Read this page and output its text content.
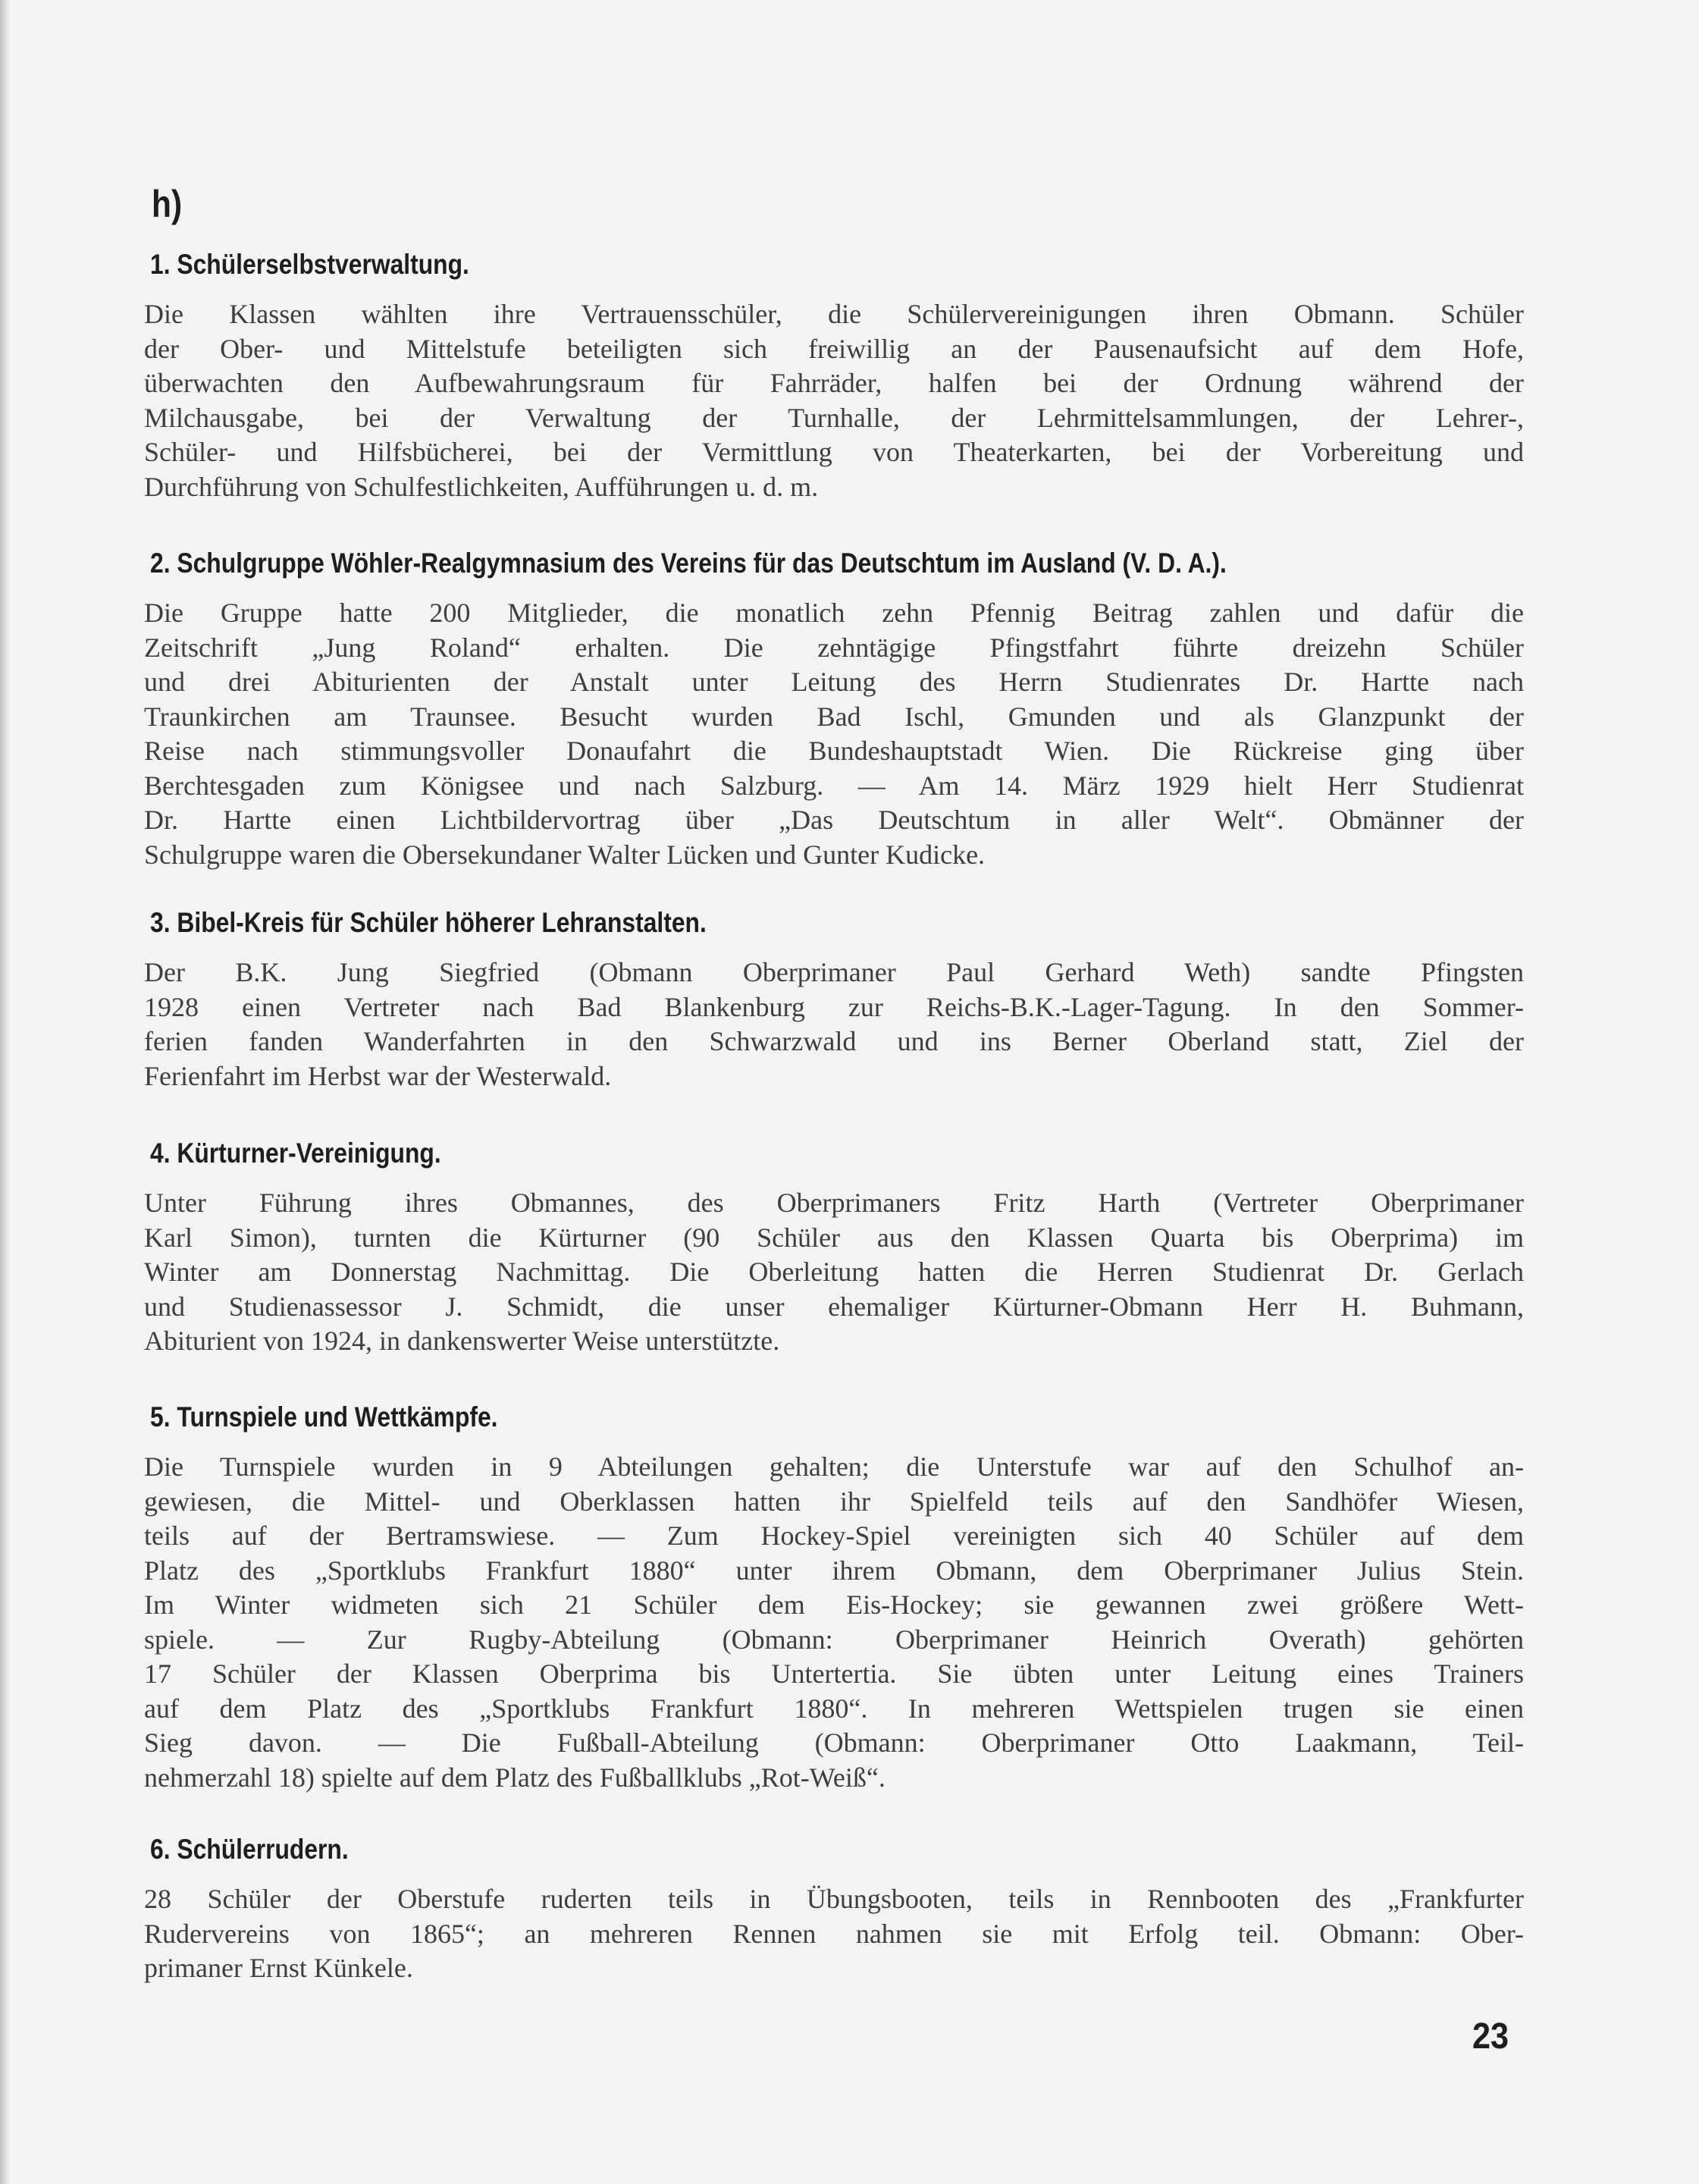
h)
1. Schülerselbstverwaltung.
Die Klassen wählten ihre Vertrauensschüler, die Schülervereinigungen ihren Obmann. Schüler
der Ober- und Mittelstufe beteiligten sich freiwillig an der Pausenaufsicht auf dem Hofe,
überwachten den Aufbewahrungsraum für Fahrräder, halfen bei der Ordnung während der
Milchausgabe, bei der Verwaltung der Turnhalle, der Lehrmittelsammlungen, der Lehrer-,
Schüler- und Hilfsbücherei, bei der Vermittlung von Theaterkarten, bei der Vorbereitung und
Durchführung von Schulfestlichkeiten, Aufführungen u. d. m.
2. Schulgruppe Wöhler-Realgymnasium des Vereins für das Deutschtum im Ausland (V. D. A.).
Die Gruppe hatte 200 Mitglieder, die monatlich zehn Pfennig Beitrag zahlen und dafür die
Zeitschrift „Jung Roland“ erhalten. Die zehntägige Pfingstfahrt führte dreizehn Schüler
und drei Abiturienten der Anstalt unter Leitung des Herrn Studienrates Dr. Hartte nach
Traunkirchen am Traunsee. Besucht wurden Bad Ischl, Gmunden und als Glanzpunkt der
Reise nach stimmungsvoller Donaufahrt die Bundeshauptstadt Wien. Die Rückreise ging über
Berchtesgaden zum Königsee und nach Salzburg. — Am 14. März 1929 hielt Herr Studienrat
Dr. Hartte einen Lichtbildervortrag über „Das Deutschtum in aller Welt“. Obmänner der
Schulgruppe waren die Obersekundaner Walter Lücken und Gunter Kudicke.
3. Bibel-Kreis für Schüler höherer Lehranstalten.
Der B.K. Jung Siegfried (Obmann Oberprimaner Paul Gerhard Weth) sandte Pfingsten
1928 einen Vertreter nach Bad Blankenburg zur Reichs-B.K.-Lager-Tagung. In den Sommer-
ferien fanden Wanderfahrten in den Schwarzwald und ins Berner Oberland statt, Ziel der
Ferienfahrt im Herbst war der Westerwald.
4. Kürturner-Vereinigung.
Unter Führung ihres Obmannes, des Oberprimaners Fritz Harth (Vertreter Oberprimaner
Karl Simon), turnten die Kürturner (90 Schüler aus den Klassen Quarta bis Oberprima) im
Winter am Donnerstag Nachmittag. Die Oberleitung hatten die Herren Studienrat Dr. Gerlach
und Studienassessor J. Schmidt, die unser ehemaliger Kürturner-Obmann Herr H. Buhmann,
Abiturient von 1924, in dankenswerter Weise unterstützte.
5. Turnspiele und Wettkämpfe.
Die Turnspiele wurden in 9 Abteilungen gehalten; die Unterstufe war auf den Schulhof an-
gewiesen, die Mittel- und Oberklassen hatten ihr Spielfeld teils auf den Sandhöfer Wiesen,
teils auf der Bertramswiese. — Zum Hockey-Spiel vereinigten sich 40 Schüler auf dem
Platz des „Sportklubs Frankfurt 1880“ unter ihrem Obmann, dem Oberprimaner Julius Stein.
Im Winter widmeten sich 21 Schüler dem Eis-Hockey; sie gewannen zwei größere Wett-
spiele. — Zur Rugby-Abteilung (Obmann: Oberprimaner Heinrich Overath) gehörten
17 Schüler der Klassen Oberprima bis Untertertia. Sie übten unter Leitung eines Trainers
auf dem Platz des „Sportklubs Frankfurt 1880“. In mehreren Wettspielen trugen sie einen
Sieg davon. — Die Fußball-Abteilung (Obmann: Oberprimaner Otto Laakmann, Teil-
nehmerzahl 18) spielte auf dem Platz des Fußballklubs „Rot-Weiß“.
6. Schülerrudern.
28 Schüler der Oberstufe ruderten teils in Übungsbooten, teils in Rennbooten des „Frankfurter
Rudervereins von 1865“; an mehreren Rennen nahmen sie mit Erfolg teil. Obmann: Ober-
primaner Ernst Künkele.
23
